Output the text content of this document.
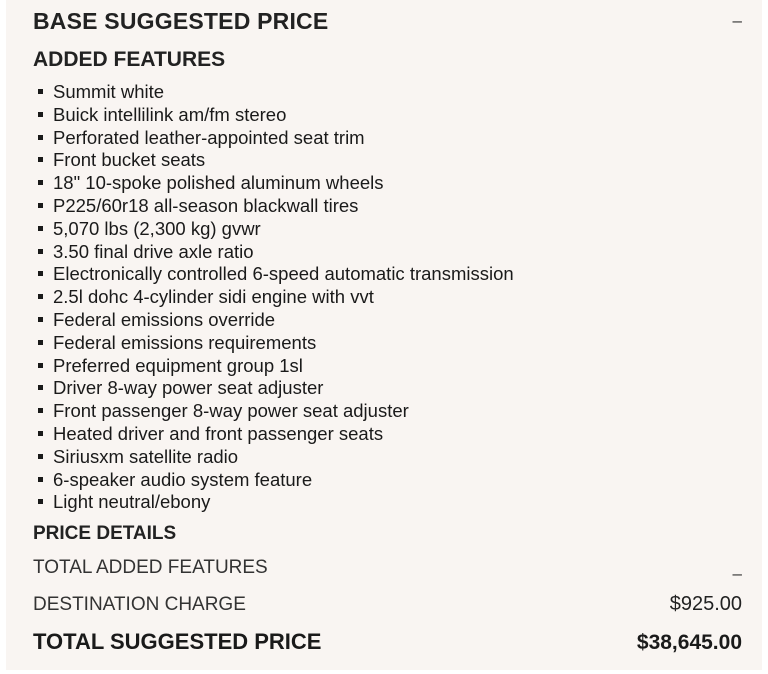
BASE SUGGESTED PRICE	–
ADDED FEATURES
Summit white
Buick intellilink am/fm stereo
Perforated leather-appointed seat trim
Front bucket seats
18" 10-spoke polished aluminum wheels
P225/60r18 all-season blackwall tires
5,070 lbs (2,300 kg) gvwr
3.50 final drive axle ratio
Electronically controlled 6-speed automatic transmission
2.5l dohc 4-cylinder sidi engine with vvt
Federal emissions override
Federal emissions requirements
Preferred equipment group 1sl
Driver 8-way power seat adjuster
Front passenger 8-way power seat adjuster
Heated driver and front passenger seats
Siriusxm satellite radio
6-speaker audio system feature
Light neutral/ebony
PRICE DETAILS
TOTAL ADDED FEATURES	–
DESTINATION CHARGE	$925.00
TOTAL SUGGESTED PRICE	$38,645.00
